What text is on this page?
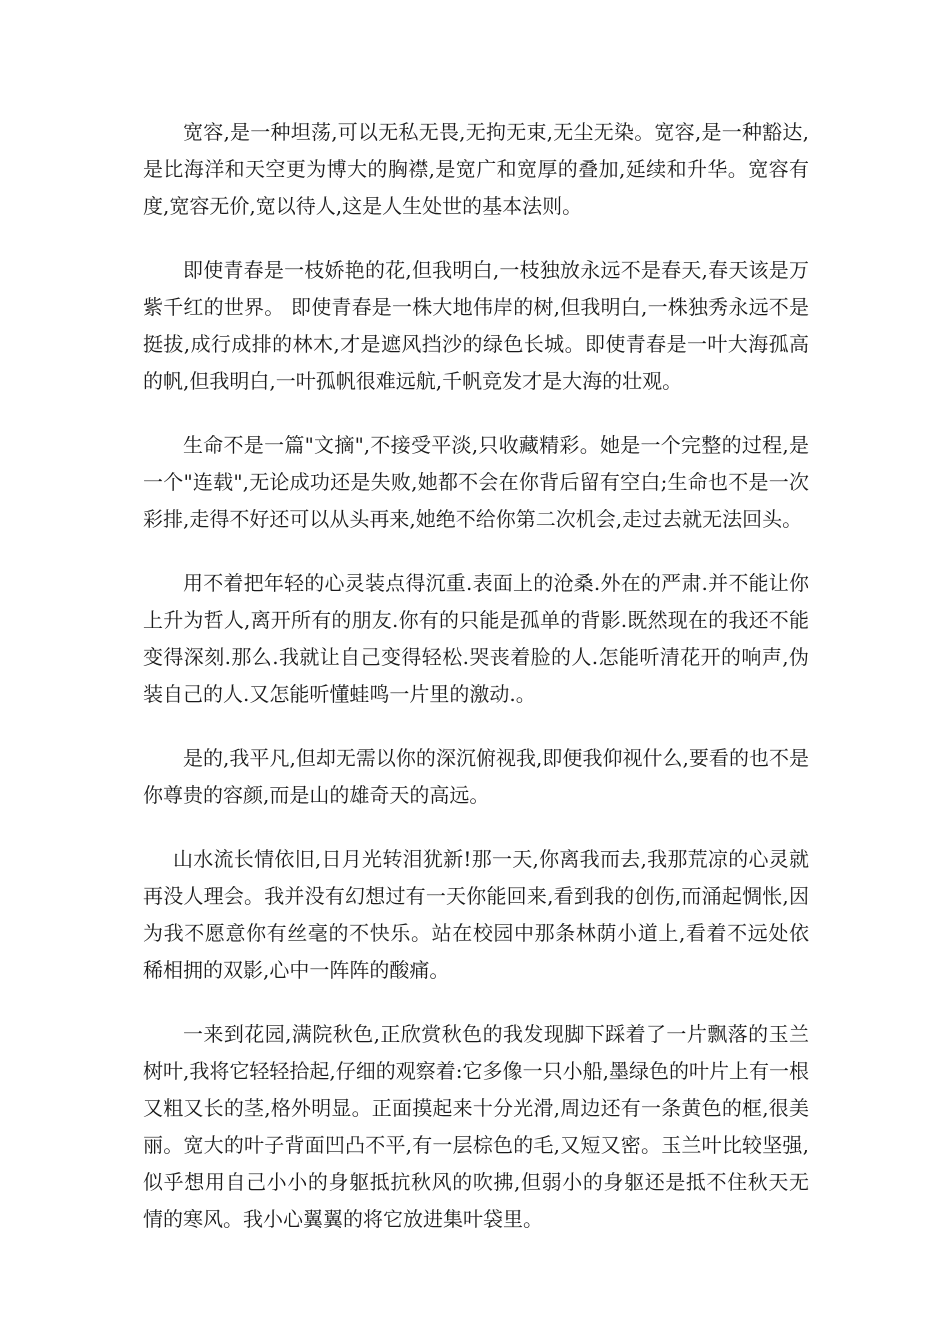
宽容,是一种坦荡,可以无私无畏,无拘无束,无尘无染。宽容,是一种豁达,是比海洋和天空更为博大的胸襟,是宽广和宽厚的叠加,延续和升华。宽容有度,宽容无价,宽以待人,这是人生处世的基本法则。

即使青春是一枝娇艳的花,但我明白,一枝独放永远不是春天,春天该是万紫千红的世界。 即使青春是一株大地伟岸的树,但我明白,一株独秀永远不是挺拔,成行成排的林木,才是遮风挡沙的绿色长城。即使青春是一叶大海孤高的帆,但我明白,一叶孤帆很难远航,千帆竞发才是大海的壮观。

生命不是一篇"文摘",不接受平淡,只收藏精彩。她是一个完整的过程,是一个"连载",无论成功还是失败,她都不会在你背后留有空白;生命也不是一次彩排,走得不好还可以从头再来,她绝不给你第二次机会,走过去就无法回头。

用不着把年轻的心灵装点得沉重.表面上的沧桑.外在的严肃.并不能让你上升为哲人,离开所有的朋友.你有的只能是孤单的背影.既然现在的我还不能变得深刻.那么.我就让自己变得轻松.哭丧着脸的人.怎能听清花开的响声,伪装自己的人.又怎能听懂蛙鸣一片里的激动.。

是的,我平凡,但却无需以你的深沉俯视我,即便我仰视什么,要看的也不是你尊贵的容颜,而是山的雄奇天的高远。

山水流长情依旧,日月光转泪犹新!那一天,你离我而去,我那荒凉的心灵就再没人理会。我并没有幻想过有一天你能回来,看到我的创伤,而涌起惆怅,因为我不愿意你有丝毫的不快乐。站在校园中那条林荫小道上,看着不远处依稀相拥的双影,心中一阵阵的酸痛。

一来到花园,满院秋色,正欣赏秋色的我发现脚下踩着了一片飘落的玉兰树叶,我将它轻轻拾起,仔细的观察着:它多像一只小船,墨绿色的叶片上有一根又粗又长的茎,格外明显。正面摸起来十分光滑,周边还有一条黄色的框,很美丽。宽大的叶子背面凹凸不平,有一层棕色的毛,又短又密。玉兰叶比较坚强,似乎想用自己小小的身躯抵抗秋风的吹拂,但弱小的身躯还是抵不住秋天无情的寒风。我小心翼翼的将它放进集叶袋里。
